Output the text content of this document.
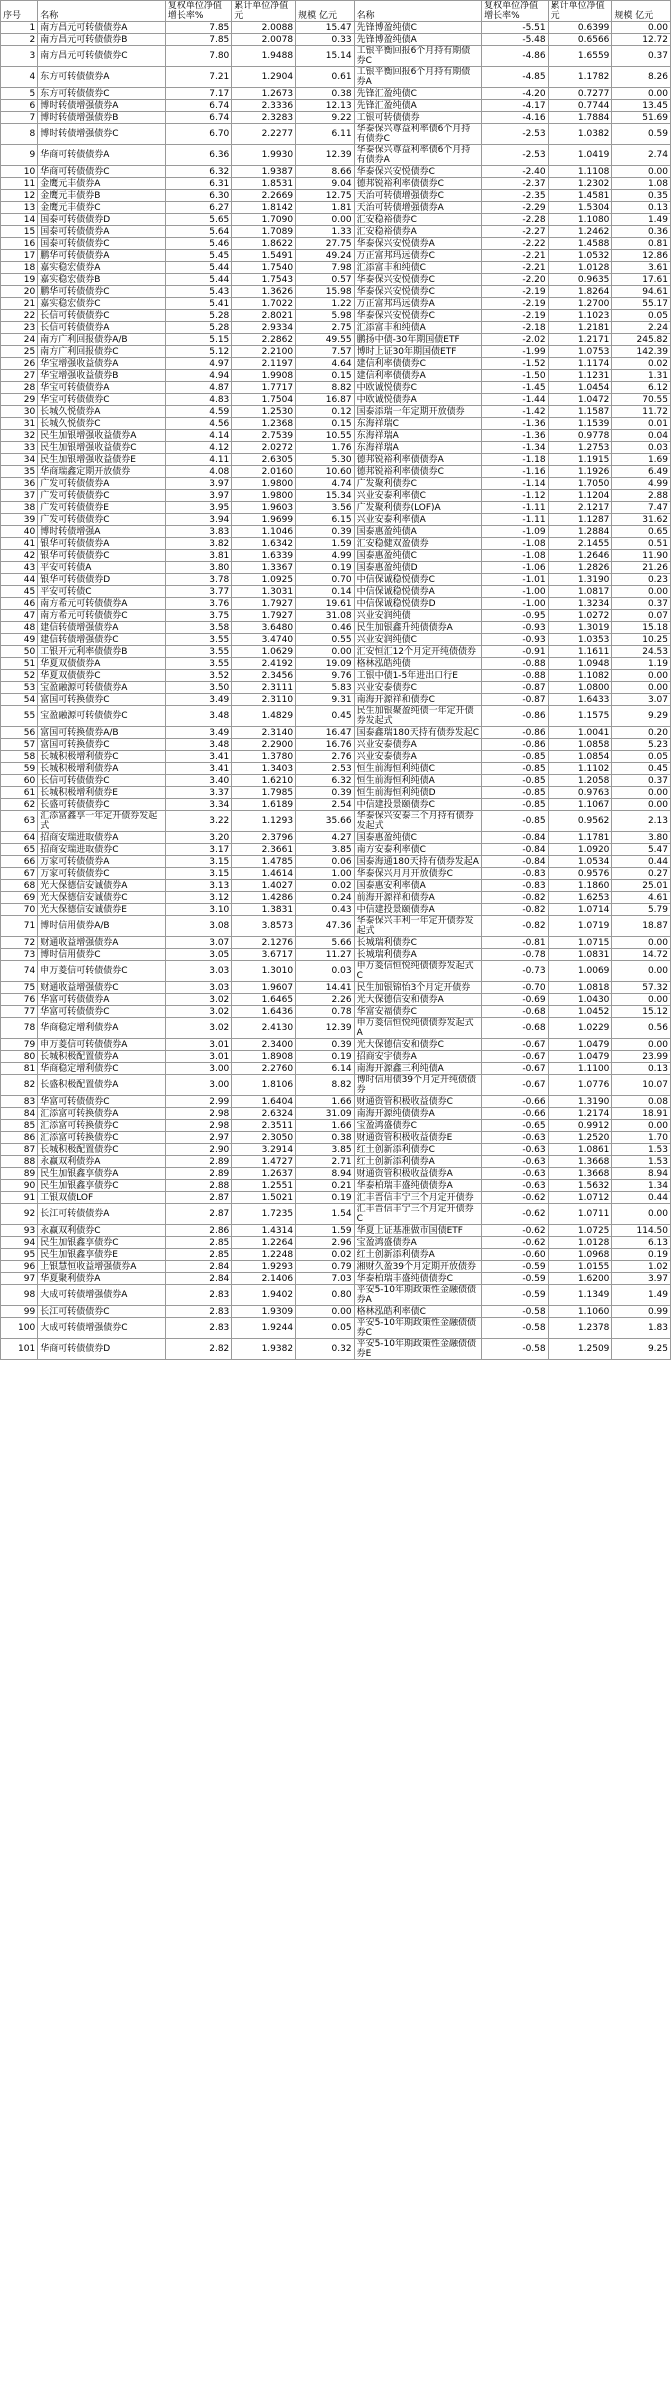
序号	名称	复权单位净值增长率%	累计单位净值元	规模 亿元	名称	复权单位净值增长率%	累计单位净值元	规模 亿元
1	南方昌元可转债债券A	7.85	2.0088	15.47	先锋博盈纯债C	-5.51	0.6399	0.00
2	南方昌元可转债债券B	7.85	2.0078	0.33	先锋博盈纯债A	-5.48	0.6566	12.72
3	南方昌元可转债债券C	7.80	1.9488	15.14	工银平衡回报6个月持有期债券C	-4.86	1.6559	0.37
4	东方可转债债券A	7.21	1.2904	0.61	工银平衡回报6个月持有期债券A	-4.85	1.1782	8.26
5	东方可转债债券C	7.17	1.2673	0.38	先锋汇盈纯债C	-4.20	0.7277	0.00
6	博时转债增强债券A	6.74	2.3336	12.13	先锋汇盈纯债A	-4.17	0.7744	13.45
7	博时转债增强债券B	6.74	2.3283	9.22	工银可转债债券	-4.16	1.7884	51.69
8	博时转债增强债券C	6.70	2.2277	6.11	华泰保兴尊益利率债6个月持有债券C	-2.53	1.0382	0.59
9	华商可转债债券A	6.36	1.9930	12.39	华泰保兴尊益利率债6个月持有债券A	-2.53	1.0419	2.74
10	华商可转债债券C	6.32	1.9387	8.66	华泰保兴安悦债券C	-2.40	1.1108	0.00
11	金鹰元丰债券A	6.31	1.8531	9.04	德邦锐裕利率债债券C	-2.37	1.2302	1.08
12	金鹰元丰债券B	6.30	2.2669	12.75	天治可转债增强债券C	-2.35	1.4581	0.35
13	金鹰元丰债券C	6.27	1.8142	1.81	天治可转债增强债券A	-2.29	1.5304	0.13
14	国泰可转债债券D	5.65	1.7090	0.00	汇安稳裕债券C	-2.28	1.1080	1.49
15	国泰可转债债券A	5.64	1.7089	1.33	汇安稳裕债券A	-2.27	1.2462	0.36
16	国泰可转债债券C	5.46	1.8622	27.75	华泰保兴安悦债券A	-2.22	1.4588	0.81
17	鹏华可转债债券A	5.45	1.5491	49.24	万正富邦玛远债券C	-2.21	1.0532	12.86
18	嘉实稳宏债券A	5.44	1.7540	7.98	汇添富丰和纯债C	-2.21	1.0128	3.61
19	嘉实稳宏债券B	5.44	1.7543	0.57	华泰保兴安悦债券C	-2.20	0.9635	17.61
20	鹏华可转债债券C	5.43	1.3626	15.98	华泰保兴安悦债券C	-2.19	1.8264	94.61
21	嘉实稳宏债券C	5.41	1.7022	1.22	万正富邦玛远债券A	-2.19	1.2700	55.17
22	长信可转债债券C	5.28	2.8021	5.98	华泰保兴安悦债券C	-2.19	1.1023	0.05
23	长信可转债债券A	5.28	2.9334	2.75	汇添富丰和纯债A	-2.18	1.2181	2.24
24	南方广利回报债券A/B	5.15	2.2862	49.55	鹏扬中债-30年期国债ETF	-2.02	1.2171	245.82
25	南方广利回报债券C	5.12	2.2100	7.57	博时上证30年期国债ETF	-1.99	1.0753	142.39
26	华宝增强收益债券A	4.97	2.1197	4.64	建信利率债债券C	-1.52	1.1174	0.02
27	华宝增强收益债券B	4.94	1.9908	0.15	建信利率债债券A	-1.50	1.1231	1.31
28	华宝可转债债券A	4.87	1.7717	8.82	中欧诚悦债券C	-1.45	1.0454	6.12
29	华宝可转债债券C	4.83	1.7504	16.87	中欧诚悦债券A	-1.44	1.0472	70.55
30	长城久悦债券A	4.59	1.2530	0.12	国泰添瑞一年定期开放债券	-1.42	1.1587	11.72
31	长城久悦债券C	4.56	1.2368	0.15	东海祥瑞C	-1.36	1.1539	0.01
32	民生加银增强收益债券A	4.14	2.7539	10.55	东海祥瑞A	-1.36	0.9778	0.04
33	民生加银增强收益债券C	4.12	2.0272	1.76	东海祥瑞A	-1.34	1.2753	0.03
34	民生加银增强收益债券E	4.11	2.6305	5.30	德邦锐裕利率债债券A	-1.18	1.1915	1.69
35	华商瑞鑫定期开放债券	4.08	2.0160	10.60	德邦锐裕利率债债券C	-1.16	1.1926	6.49
36	广发可转债债券A	3.97	1.9800	4.74	广发聚利债券C	-1.14	1.7050	4.99
37	广发可转债债券C	3.97	1.9800	15.34	兴业安泰利率债C	-1.12	1.1204	2.88
38	广发可转债债券E	3.95	1.9603	3.56	广发聚利债券(LOF)A	-1.11	2.1217	7.47
39	广发可转债债券C	3.94	1.9699	6.15	兴业安泰利率债A	-1.11	1.1287	31.62
40	博时转债增强A	3.83	1.1046	0.39	国泰惠盈纯债A	-1.09	1.2884	0.65
41	银华可转债债券A	3.82	1.6342	1.59	汇安稳健双盈债券	-1.08	2.1455	0.51
42	银华可转债债券C	3.81	1.6339	4.99	国泰惠盈纯债C	-1.08	1.2646	11.90
43	平安可转债A	3.80	1.3367	0.19	国泰惠盈纯债D	-1.06	1.2826	21.26
44	银华可转债债券D	3.78	1.0925	0.70	中信保诚稳悦债券C	-1.01	1.3190	0.23
45	平安可转债C	3.77	1.3031	0.14	中信保诚稳悦债券A	-1.00	1.0817	0.00
46	南方希元可转债债券A	3.76	1.7927	19.61	中信保诚稳悦债券D	-1.00	1.3234	0.37
47	南方希元可转债债券C	3.75	1.7927	31.08	兴业安润纯债	-0.95	1.0272	0.07
48	建信转债增强债券A	3.58	3.6480	0.46	民生加银鑫升纯债债券A	-0.93	1.3019	15.18
49	建信转债增强债券C	3.55	3.4740	0.55	兴业安润纯债C	-0.93	1.0353	10.25
50	工银开元利率债债券B	3.55	1.0629	0.00	汇安恒汇12个月定开纯债债券	-0.91	1.1611	24.53
51	华夏双债债券A	3.55	2.4192	19.09	格林泓皓纯债	-0.88	1.0948	1.19
52	华夏双债债券C	3.52	2.3456	9.76	工银中债1-5年进出口行E	-0.88	1.1082	0.00
53	宝盈融源可转债债券A	3.50	2.3111	5.83	兴业安泰债券C	-0.87	1.0800	0.00
54	富国可转换债券C	3.49	2.3110	9.31	南海开源祥和债券C	-0.87	1.6433	3.07
55	宝盈融源可转债债券C	3.48	1.4829	0.45	民生加银聚盈纯债一年定开债券发起式	-0.86	1.1575	9.29
56	富国可转换债券A/B	3.49	2.3140	16.47	国泰鑫瑞180天持有债券发起C	-0.86	1.0041	0.20
57	富国可转换债券C	3.48	2.2900	16.76	兴业安泰债券A	-0.86	1.0858	5.23
58	长城积极增利债券C	3.41	1.3780	2.76	兴业安泰债券A	-0.85	1.0854	0.05
59	长城积极增利债券A	3.41	1.3403	2.53	恒生前海恒利纯债C	-0.85	1.1102	0.45
60	长信可转债债券C	3.40	1.6210	6.32	恒生前海恒利纯债A	-0.85	1.2058	0.37
61	长城积极增利债券E	3.37	1.7985	0.39	恒生前海恒利纯债D	-0.85	0.9763	0.00
62	长盛可转债债券C	3.34	1.6189	2.54	中信建投景颐债券C	-0.85	1.1067	0.00
63	汇添富鑫享一年定开债券发起式	3.22	1.1293	35.66	华泰保兴安泰三个月持有债券发起式	-0.85	0.9562	2.13
64	招商安瑞进取债券A	3.20	2.3796	4.27	国泰惠盈纯债C	-0.84	1.1781	3.80
65	招商安瑞进取债券C	3.17	2.3661	3.85	南方安泰利率债C	-0.84	1.0920	5.47
66	万家可转债债券A	3.15	1.4785	0.06	国泰海通180天持有债券发起A	-0.84	1.0534	0.44
67	万家可转债债券C	3.15	1.4614	1.00	华泰保兴月月开放债券C	-0.83	0.9576	0.27
68	光大保德信安诚债券A	3.13	1.4027	0.02	国泰惠安利率债A	-0.83	1.1860	25.01
69	光大保德信安诚债券C	3.12	1.4286	0.24	前海开源祥和债券A	-0.82	1.6253	4.61
70	光大保德信安诚债券E	3.10	1.3831	0.43	中信建投景颐债券A	-0.82	1.0714	5.79
71	博时信用债券A/B	3.08	3.8573	47.36	华泰保兴丰利一年定开债券发起式	-0.82	1.0719	18.87
72	财通收益增强债券A	3.07	2.1276	5.66	长城瑞利债券C	-0.81	1.0715	0.00
73	博时信用债券C	3.05	3.6717	11.27	长城瑞利债券A	-0.78	1.0831	14.72
74	申万菱信可转债债券C	3.03	1.3010	0.03	申万菱信恒悦纯债债券发起式C	-0.73	1.0069	0.00
75	财通收益增强债券C	3.03	1.9607	14.41	民生加银锦怡3个月定开债券	-0.70	1.0818	57.32
76	华富可转债债券A	3.02	1.6465	2.26	光大保德信安和债券A	-0.69	1.0430	0.00
77	华富可转债债券C	3.02	1.6436	0.78	华富安福债券C	-0.68	1.0452	15.12
78	华商稳定增利债券A	3.02	2.4130	12.39	申万菱信恒悦纯债债券发起式A	-0.68	1.0229	0.56
79	申万菱信可转债债券A	3.01	2.3400	0.39	光大保德信安和债券C	-0.67	1.0479	0.00
80	长城积极配置债券A	3.01	1.8908	0.19	招商安宇债券A	-0.67	1.0479	23.99
81	华商稳定增利债券C	3.00	2.2760	6.14	南海开源鑫三利纯债A	-0.67	1.1100	0.13
82	长盛积极配置债券A	3.00	1.8106	8.82	博时信用债39个月定开纯债债券	-0.67	1.0776	10.07
83	华富可转债债券C	2.99	1.6404	1.66	财通资管积极收益债券C	-0.66	1.3190	0.08
84	汇添富可转换债券A	2.98	2.6324	31.09	南海开源纯债债券A	-0.66	1.2174	18.91
85	汇添富可转换债券C	2.98	2.3511	1.66	宝盈鸿盛债券C	-0.65	0.9912	0.00
86	汇添富可转换债券C	2.97	2.3050	0.38	财通资管积极收益债券E	-0.63	1.2520	1.70
87	长城积极配置债券C	2.90	3.2914	3.85	红土创新添利债券C	-0.63	1.0861	1.53
88	永赢双利债券A	2.89	1.4727	2.71	红土创新添利债券A	-0.63	1.3668	1.53
89	民生加银鑫享债券A	2.89	1.2637	8.94	财通资管积极收益债券A	-0.63	1.3668	8.94
90	民生加银鑫享债券C	2.88	1.2551	0.21	华泰柏瑞丰盛纯债债券A	-0.63	1.5632	1.34
91	工银双债LOF	2.87	1.5021	0.19	汇丰晋信丰宁三个月定开债券	-0.62	1.0712	0.44
92	长江可转债债券A	2.87	1.7235	1.54	汇丰晋信丰宁三个月定开债券C	-0.62	1.0711	0.00
93	永赢双利债券C	2.86	1.4314	1.59	华夏上证基准做市国债ETF	-0.62	1.0725	114.50
94	民生加银鑫享债券C	2.85	1.2264	2.96	宝盈鸿盛债券A	-0.62	1.0128	6.13
95	民生加银鑫享债券E	2.85	1.2248	0.02	红土创新添利债券A	-0.60	1.0968	0.19
96	上银慧恒收益增强债券A	2.84	1.9293	0.79	湘财久盈39个月定期开放债券	-0.59	1.0155	1.02
97	华夏聚利债券A	2.84	2.1406	7.03	华泰柏瑞丰盛纯债债券C	-0.59	1.6200	3.97
98	大成可转债增强债券A	2.83	1.9402	0.80	平安5-10年期政策性金融债债券A	-0.59	1.1349	1.49
99	长江可转债债券C	2.83	1.9309	0.00	格林泓皓利率债C	-0.58	1.1060	0.99
100	大成可转债增强债券C	2.83	1.9244	0.05	平安5-10年期政策性金融债债券C	-0.58	1.2378	1.83
101	华商可转债债券D	2.82	1.9382	0.32	平安5-10年期政策性金融债债券E	-0.58	1.2509	9.25
